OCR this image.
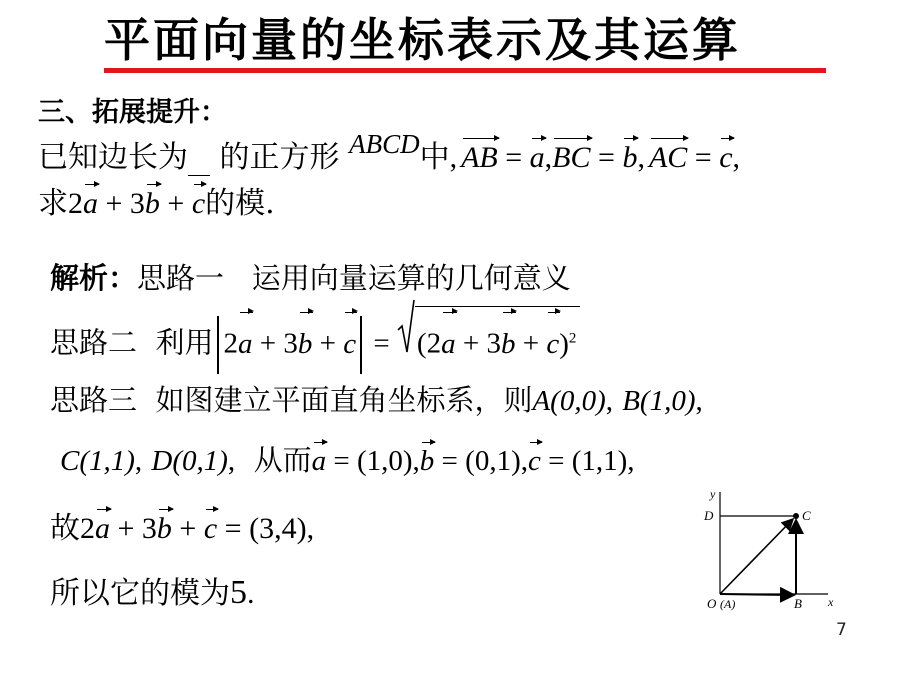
平面向量的坐标表示及其运算
三、拓展提升：
已知边长为 的正方形 ABCD中, AB = a,BC = b, AC = c,
求2a + 3b + c的模.
解析：思路一 运用向量运算的几何意义
思路二 利用 2a + 3b + c =
$(2a + 3b + c)^2$
思路三 如图建立平面直角坐标系，则A(0,0), B(1,0),
C(1,1), D(0,1), 从而a = (1,0),b = (0,1),c = (1,1),
故2a + 3b + c = (3,4),
所以它的模为5.
y
x
D	C
O (A)	B
7
